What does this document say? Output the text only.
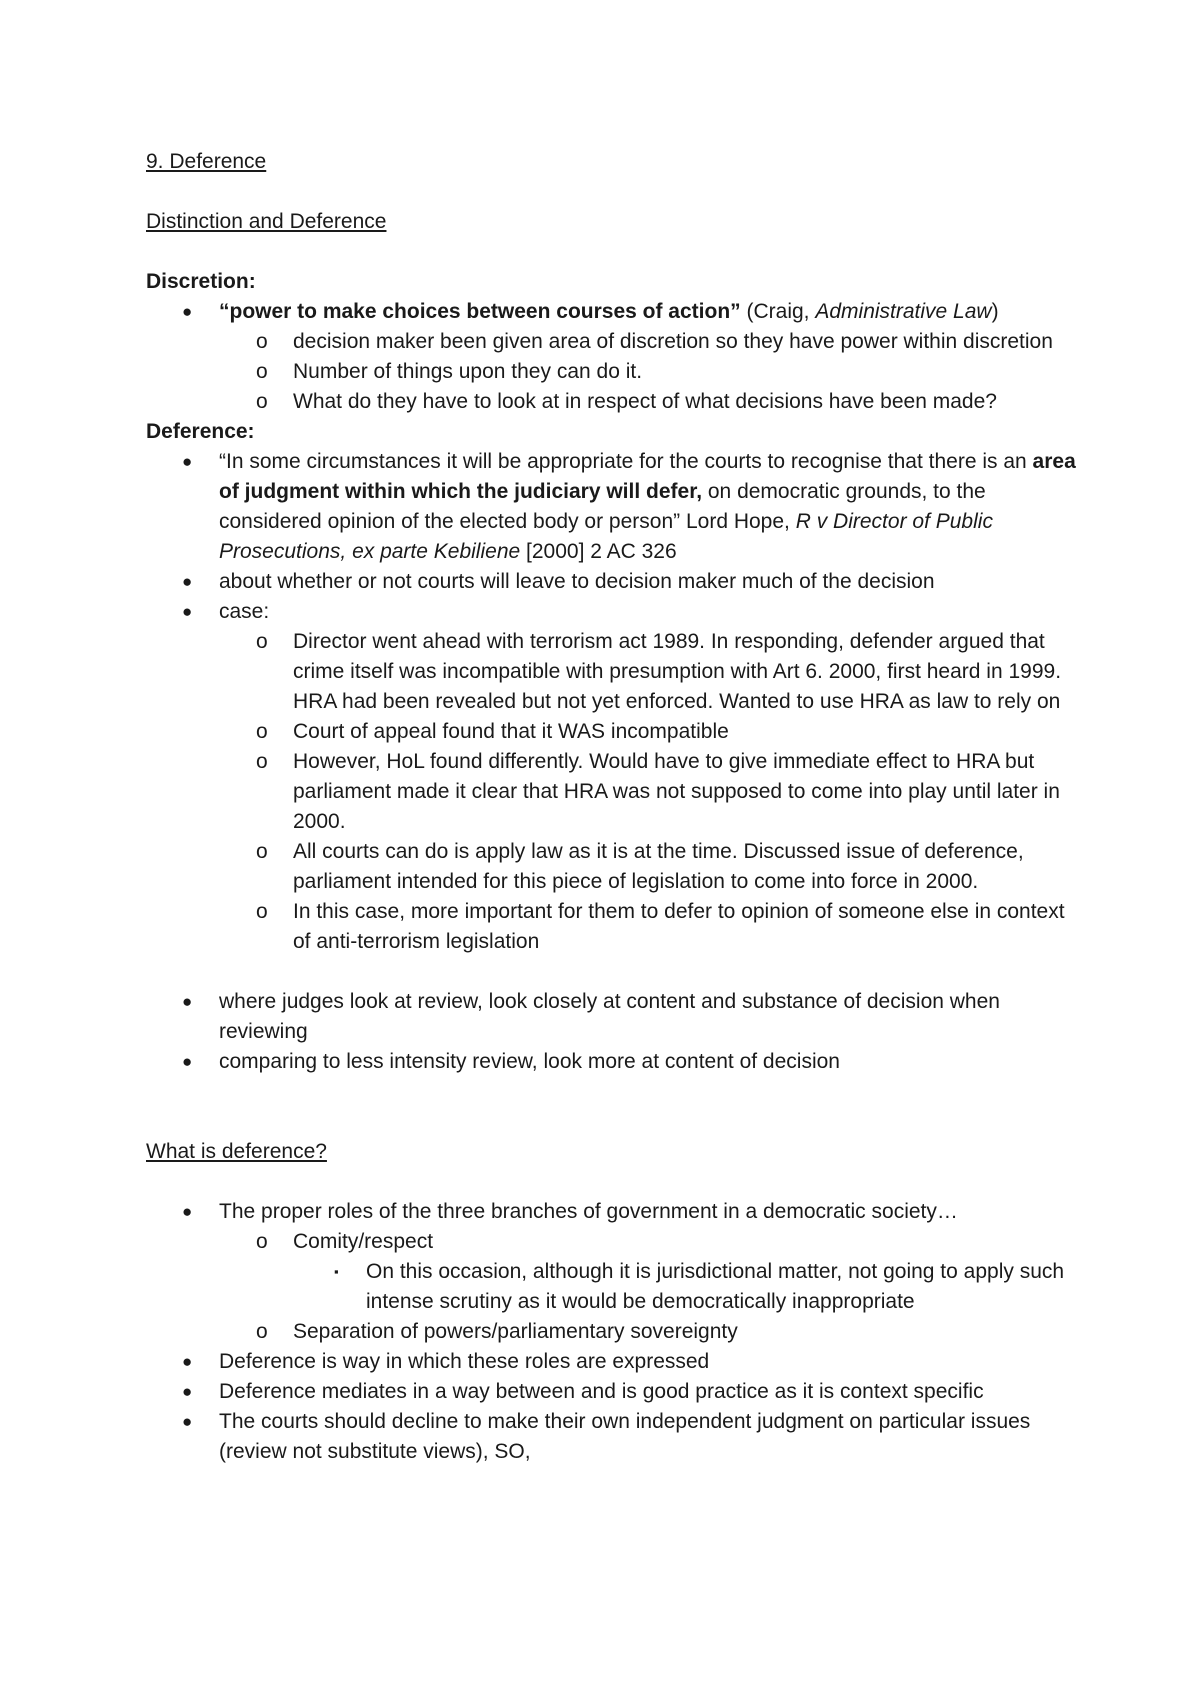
9. Deference

Distinction and Deference

Discretion:

● “power to make choices between courses of action” (Craig, Administrative Law)
o decision maker been given area of discretion so they have power within discretion
o Number of things upon they can do it.
o What do they have to look at in respect of what decisions have been made?

Deference:

● “In some circumstances it will be appropriate for the courts to recognise that there is an area of judgment within which the judiciary will defer, on democratic grounds, to the considered opinion of the elected body or person” Lord Hope, R v Director of Public Prosecutions, ex parte Kebiliene [2000] 2 AC 326
● about whether or not courts will leave to decision maker much of the decision
● case:
o Director went ahead with terrorism act 1989. In responding, defender argued that crime itself was incompatible with presumption with Art 6. 2000, first heard in 1999. HRA had been revealed but not yet enforced. Wanted to use HRA as law to rely on
o Court of appeal found that it WAS incompatible
o However, HoL found differently. Would have to give immediate effect to HRA but parliament made it clear that HRA was not supposed to come into play until later in 2000.
o All courts can do is apply law as it is at the time. Discussed issue of deference, parliament intended for this piece of legislation to come into force in 2000.
o In this case, more important for them to defer to opinion of someone else in context of anti-terrorism legislation
● where judges look at review, look closely at content and substance of decision when reviewing
● comparing to less intensity review, look more at content of decision

What is deference?

● The proper roles of the three branches of government in a democratic society…
o Comity/respect
▪ On this occasion, although it is jurisdictional matter, not going to apply such intense scrutiny as it would be democratically inappropriate
o Separation of powers/parliamentary sovereignty
● Deference is way in which these roles are expressed
● Deference mediates in a way between and is good practice as it is context specific
● The courts should decline to make their own independent judgment on particular issues (review not substitute views), SO,
